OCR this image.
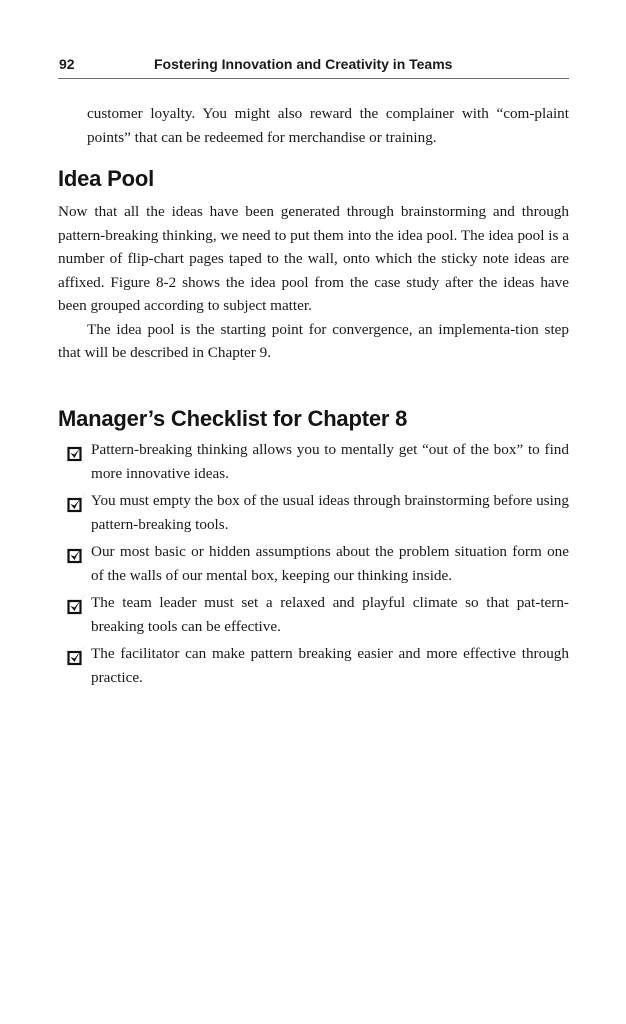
92	Fostering Innovation and Creativity in Teams

customer loyalty. You might also reward the complainer with “com-plaint points” that can be redeemed for merchandise or training.

Idea Pool

Now that all the ideas have been generated through brainstorming and through pattern-breaking thinking, we need to put them into the idea pool. The idea pool is a number of flip-chart pages taped to the wall, onto which the sticky note ideas are affixed. Figure 8-2 shows the idea pool from the case study after the ideas have been grouped according to subject matter.

The idea pool is the starting point for convergence, an implementa-tion step that will be described in Chapter 9.

Manager’s Checklist for Chapter 8

Pattern-breaking thinking allows you to mentally get “out of the box” to find more innovative ideas.

You must empty the box of the usual ideas through brainstorming before using pattern-breaking tools.

Our most basic or hidden assumptions about the problem situation form one of the walls of our mental box, keeping our thinking inside.

The team leader must set a relaxed and playful climate so that pat-tern-breaking tools can be effective.

The facilitator can make pattern breaking easier and more effective through practice.
